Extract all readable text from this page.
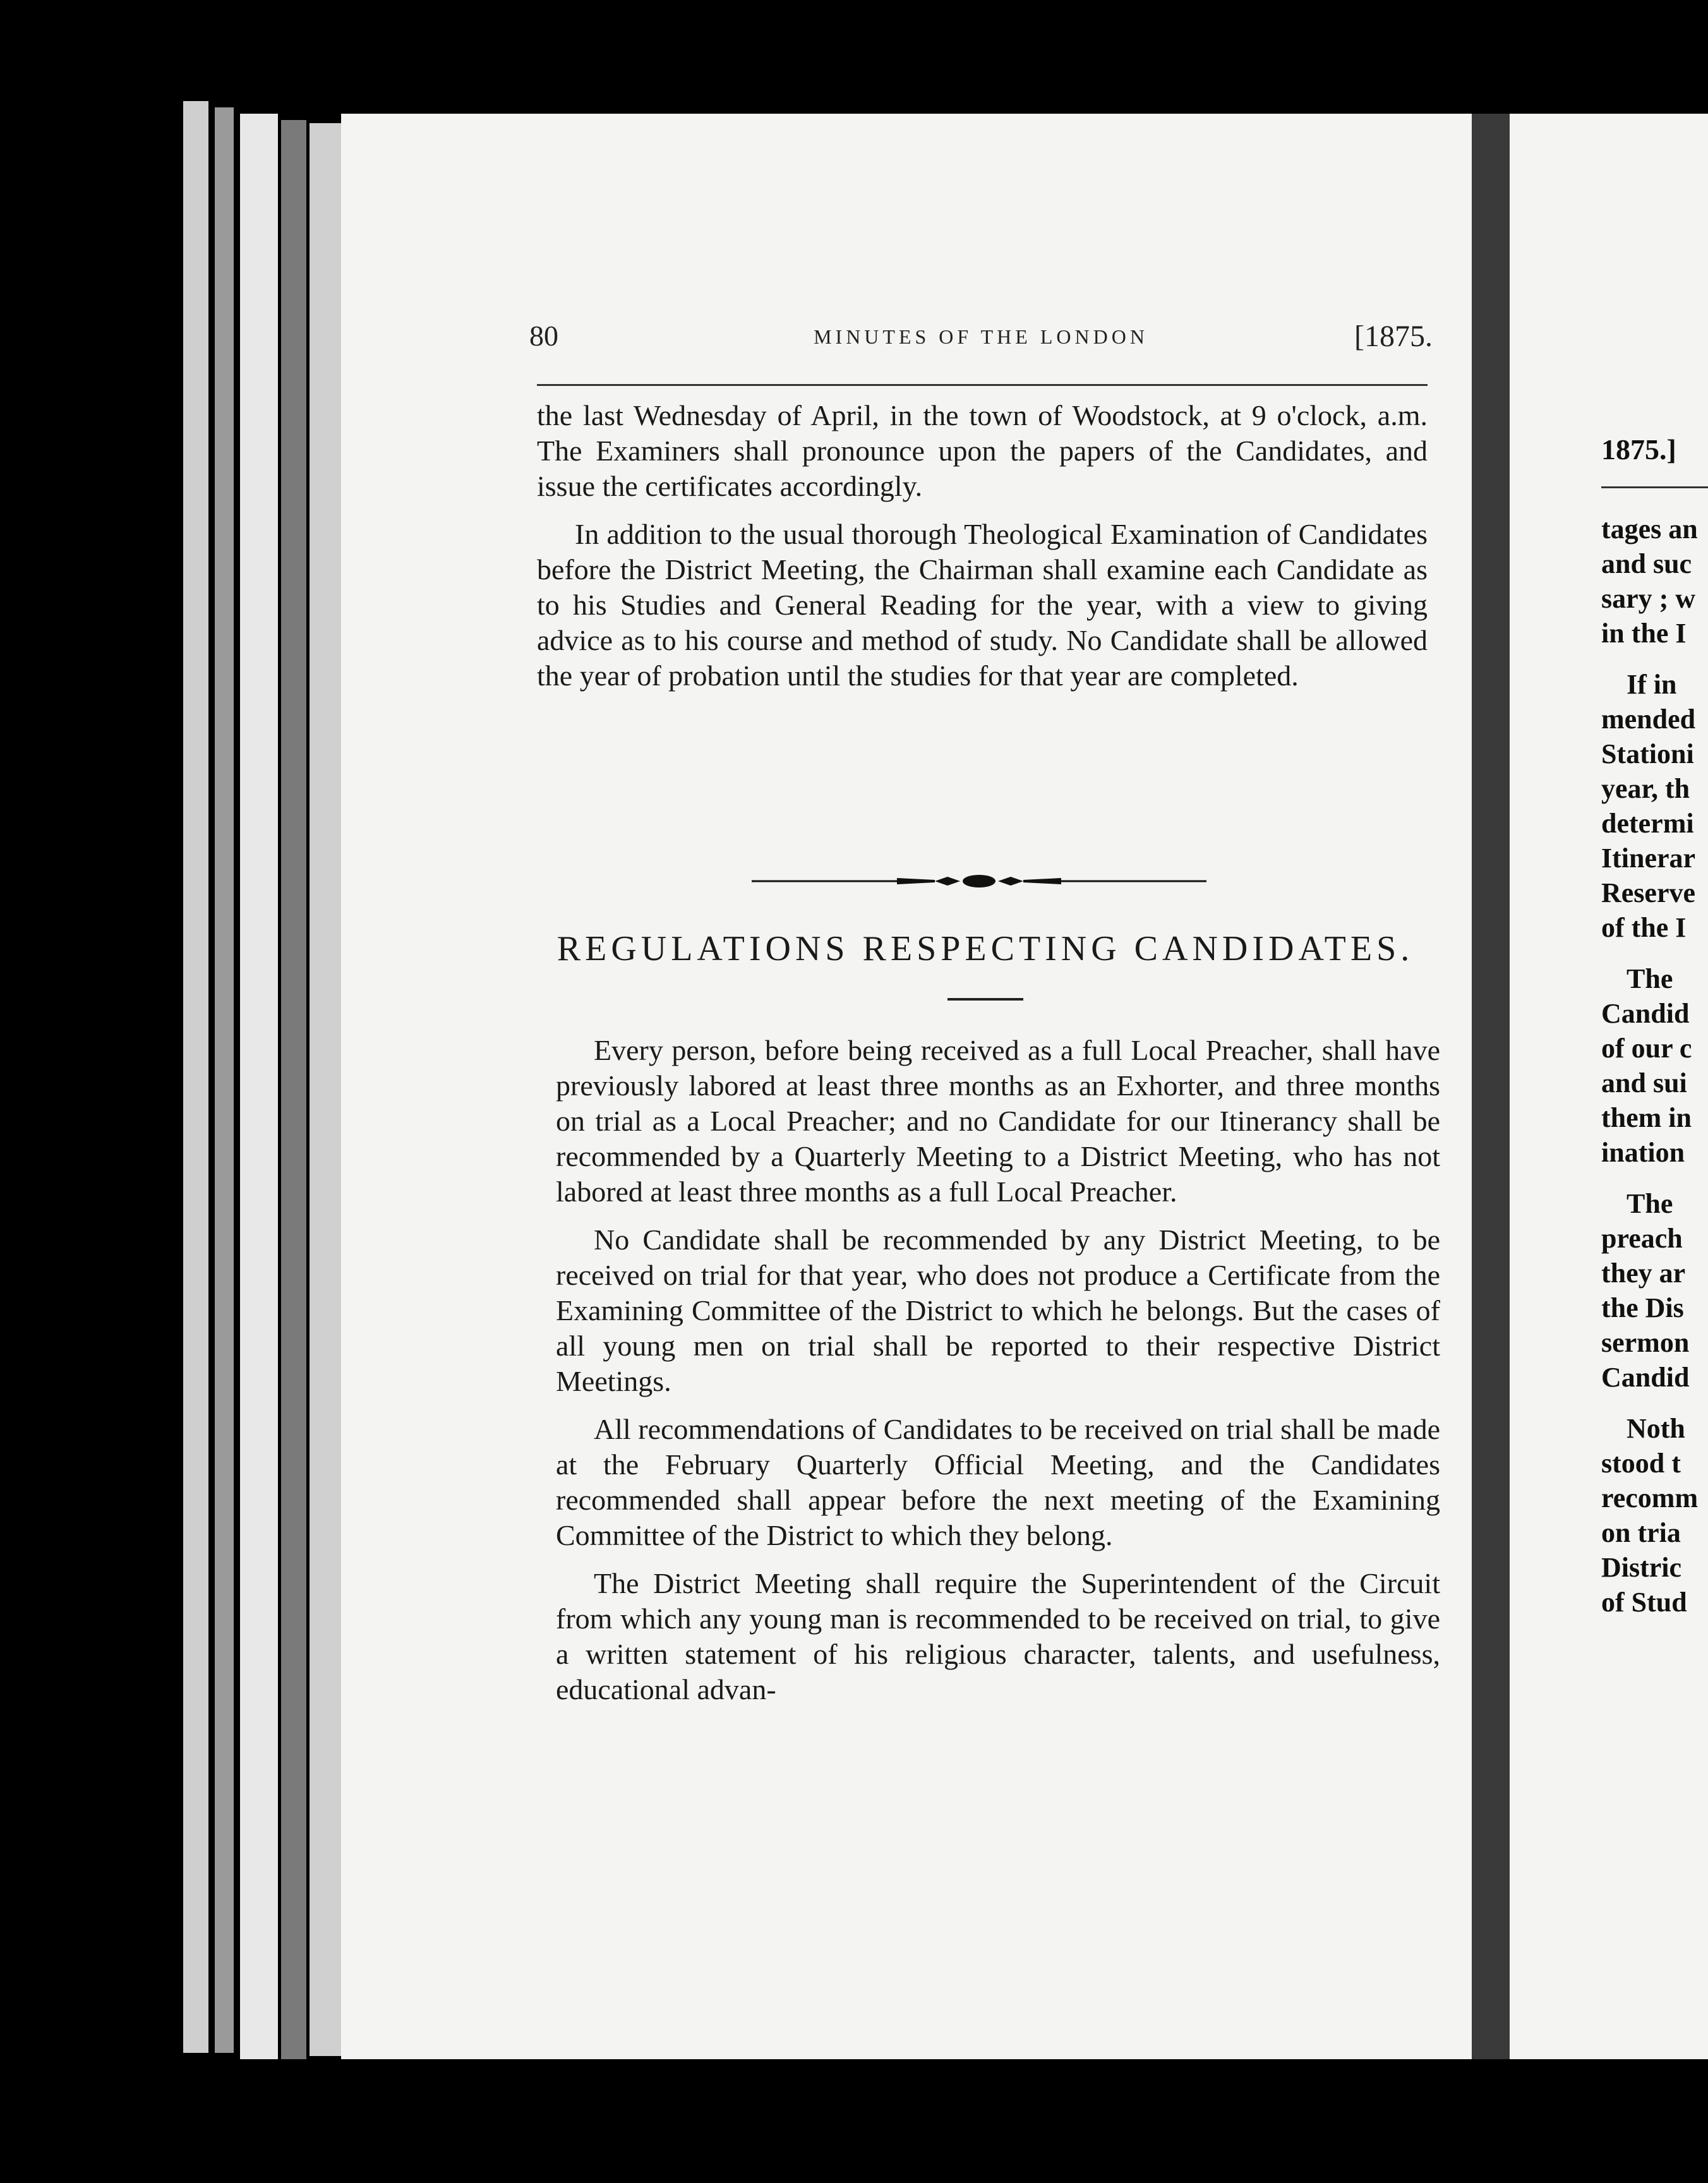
80	MINUTES OF THE LONDON	[1875.

the last Wednesday of April, in the town of Woodstock, at 9 o'clock, a.m. The Examiners shall pronounce upon the papers of the Candidates, and issue the certificates accordingly.

In addition to the usual thorough Theological Examination of Candidates before the District Meeting, the Chairman shall examine each Candidate as to his Studies and General Reading for the year, with a view to giving advice as to his course and method of study. No Candidate shall be allowed the year of probation until the studies for that year are completed.

REGULATIONS RESPECTING CANDIDATES.

Every person, before being received as a full Local Preacher, shall have previously labored at least three months as an Exhorter, and three months on trial as a Local Preacher; and no Candidate for our Itinerancy shall be recommended by a Quarterly Meeting to a District Meeting, who has not labored at least three months as a full Local Preacher.

No Candidate shall be recommended by any District Meeting, to be received on trial for that year, who does not produce a Certificate from the Examining Committee of the District to which he belongs. But the cases of all young men on trial shall be reported to their respective District Meetings.

All recommendations of Candidates to be received on trial shall be made at the February Quarterly Official Meeting, and the Candidates recommended shall appear before the next meeting of the Examining Committee of the District to which they belong.

The District Meeting shall require the Superintendent of the Circuit from which any young man is recommended to be received on trial, to give a written statement of his religious character, talents, and usefulness, educational advan-

1875.]
tages an
and suc
sary ; w
in the I
If in
mended
Stationi
year, th
determi
Itinerar
Reserve
of the I
The
Candid
of our c
and sui
them in
ination
The
preach
they ar
the Dis
sermon
Candid
Noth
stood t
recomm
on tria
Distric
of Stud
